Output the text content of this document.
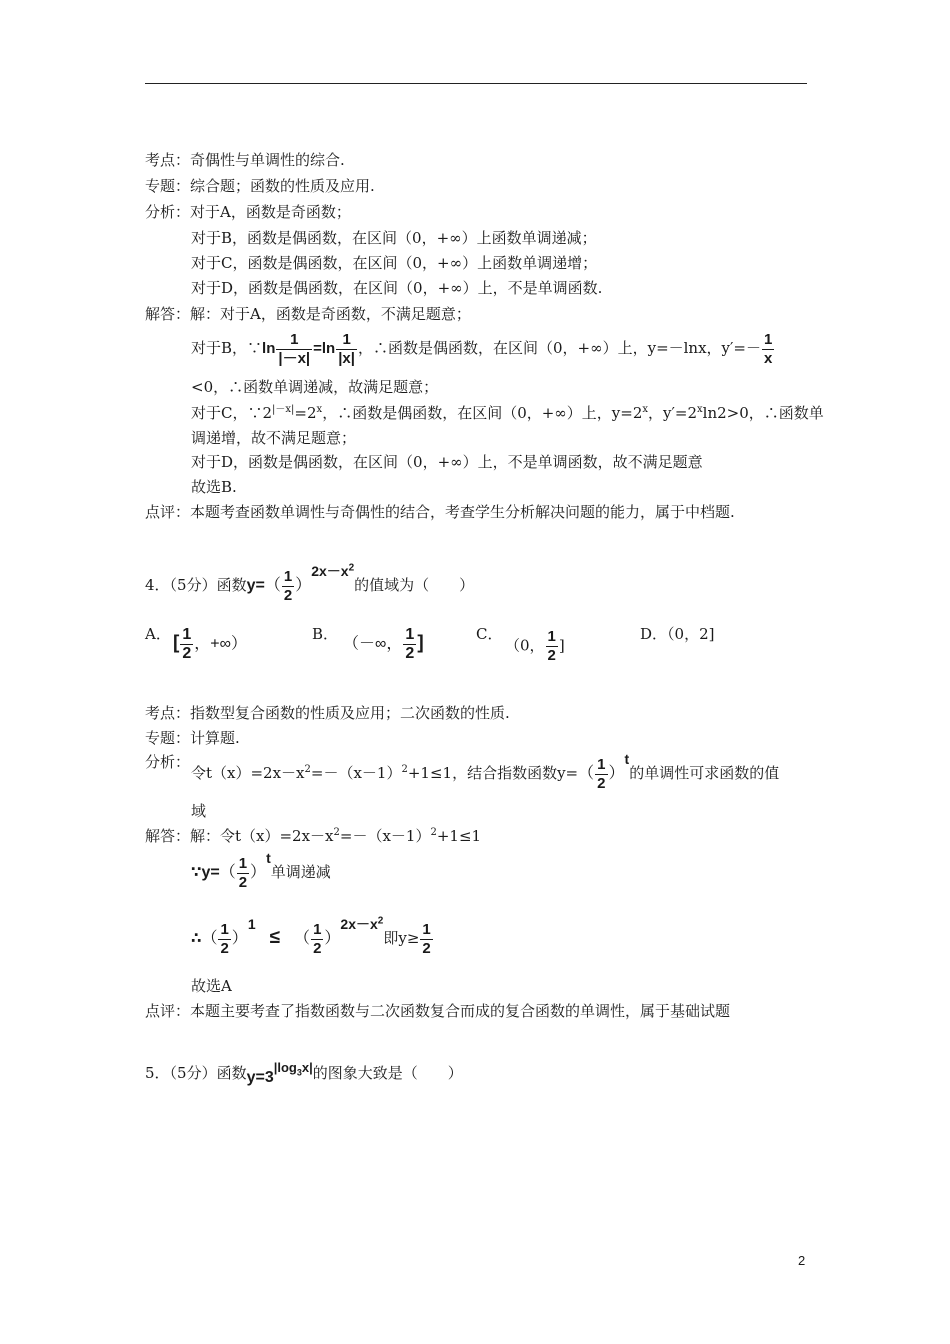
考点：奇偶性与单调性的综合.
专题：综合题；函数的性质及应用.
分析：对于A，函数是奇函数；
对于B，函数是偶函数，在区间（0，+∞）上函数单调递减；
对于C，函数是偶函数，在区间（0，+∞）上函数单调递增；
对于D，函数是偶函数，在区间（0，+∞）上，不是单调函数.
解答：解：对于A，函数是奇函数，不满足题意；
对于B，∵ln $\frac{1}{|-x|} =\ln \frac{1}{|x|}$ ，∴函数是偶函数，在区间（0，+∞）上，y=－lnx，$y'=- \frac{1}{x}$
<0，∴函数单调递减，故满足题意；
对于C，$\because 2^{|-x|}=2^x$，∴函数是偶函数，在区间（0，+∞）上，$y=2^x$，$y'=2^x\ln 2>0$，∴函数单
调递增，故不满足题意；
对于D，函数是偶函数，在区间（0，+∞）上，不是单调函数，故不满足题意
故选B.
点评：本题考查函数单调性与奇偶性的结合，考查学生分析解决问题的能力，属于中档题.
4．（5分）函数$y=( \frac{1}{2} )2x-x^2$的值域为（　　）
A． [ $\frac{1}{2}$ ，+∞）
B．
（－∞， $\frac{1}{2}$ ]	C．
（0， $\frac{1}{2}$ ]
D．（0，2]
考点：指数型复合函数的性质及应用；二次函数的性质.
专题：计算题.
分析：
令$t(x)=2x-x^2=-(x-1)^2+1\le 1$，结合指数函数$y=( \frac{1}{2} )t$的单调性可求函数的值
域
解答：解：令$t(x)=2x-x^2=-(x-1)^2+1\le 1$
∵y=（ $\frac{1}{2} )t$单调递减
∴（ $\frac{1}{2} )1\le$ （ $\frac{1}{2} )2x-x^2$即$y\ge \frac{1}{2}$
故选A
点评：本题主要考查了指数函数与二次函数复合而成的复合函数的单调性，属于基础试题
5．（5分）函数$y=3|\log_3x|$的图象大致是（　　）
2
